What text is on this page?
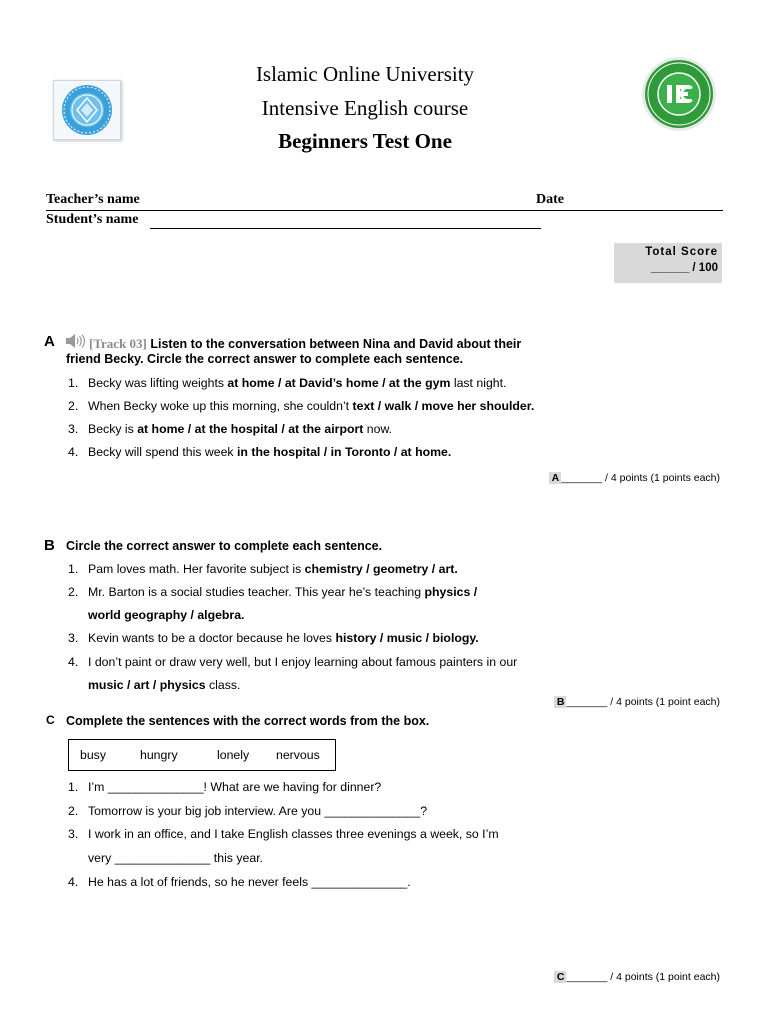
Islamic Online University
Intensive English course
Beginners Test One
Teacher’s name	Date
Student’s name
Total Score
______ / 100
A	[Track 03] Listen to the conversation between Nina and David about their
friend Becky. Circle the correct answer to complete each sentence.
1. Becky was lifting weights at home / at David’s home / at the gym last night.
2. When Becky woke up this morning, she couldn’t text / walk / move her shoulder.
3. Becky is at home / at the hospital / at the airport now.
4. Becky will spend this week in the hospital / in Toronto / at home.
A _______ / 4 points (1 points each)
B Circle the correct answer to complete each sentence.
1. Pam loves math. Her favorite subject is chemistry / geometry / art.
2. Mr. Barton is a social studies teacher. This year he’s teaching physics /
world geography / algebra.
3. Kevin wants to be a doctor because he loves history / music / biology.
4. I don’t paint or draw very well, but I enjoy learning about famous painters in our
music / art / physics class.
B _______ / 4 points (1 point each)
C Complete the sentences with the correct words from the box.
busy	hungry	lonely nervous
1. I’m ______________! What are we having for dinner?
2. Tomorrow is your big job interview. Are you ______________?
3. I work in an office, and I take English classes three evenings a week, so I’m
very ______________ this year.
4. He has a lot of friends, so he never feels ______________.
C _______ / 4 points (1 point each)
